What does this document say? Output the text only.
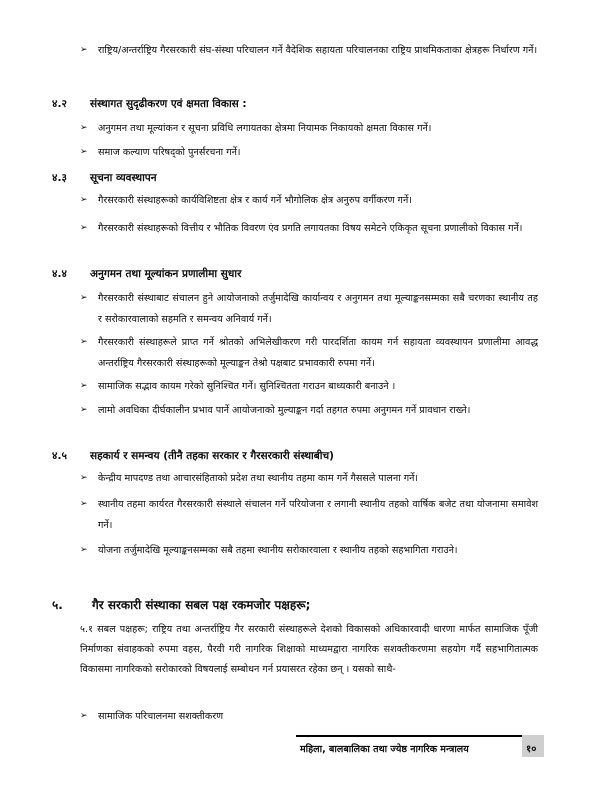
➢	राष्ट्रिय/अन्तर्राष्ट्रिय गैरसरकारी संघ-संस्था परिचालन गर्ने वैदेशिक सहायता परिचालनका राष्ट्रिय प्राथमिकताका क्षेत्रहरू निर्धारण गर्ने।
४.२ संस्थागत सुदृढीकरण एवं क्षमता विकास :
➢	अनुगमन तथा मूल्यांकन र सूचना प्रविधि लगायतका क्षेत्रमा नियामक निकायको क्षमता विकास गर्ने।
➢	समाज कल्याण परिषद्को पुनर्संरचना गर्ने।
४.३ सूचना व्यवस्थापन
➢	गैरसरकारी संस्थाहरूको कार्यविशिष्टता क्षेत्र र कार्य गर्ने भौगोलिक क्षेत्र अनुरुप वर्गीकरण गर्ने।
➢	गैरसरकारी संस्थाहरूको वित्तीय र भौतिक विवरण एंव प्रगति लगायतका विषय समेटने एकिकृत सूचना प्रणालीको विकास गर्ने।
४.४ अनुगमन तथा मूल्यांकन प्रणालीमा सुधार
➢	गैरसरकारी संस्थाबाट संचालन हुने आयोजनाको तर्जुमादेखि कार्यान्वय र अनुगमन तथा मूल्याङ्कनसम्मका सबै चरणका स्थानीय तह र सरोकारवालाको सहमति र समन्वय अनिवार्य गर्ने।
➢	गैरसरकारी संस्थाहरूले प्राप्त गर्ने श्रोतको अभिलेखीकरण गरी पारदर्शिता कायम गर्न सहायता व्यवस्थापन प्रणालीमा आवद्ध अन्तर्राष्ट्रिय गैरसरकारी संस्थाहरूको मूल्याङ्कन तेश्रो पक्षबाट प्रभावकारी रुपमा गर्ने।
➢	सामाजिक सद्भाव कायम गरेको सुनिश्चित गर्ने। सुनिश्चितता गराउन बाध्यकारी बनाउने ।
➢	लामो अवधिका दीर्घकालीन प्रभाव पार्ने आयोजनाको मुल्याङ्कन गर्दा तहगत रुपमा अनुगमन गर्ने प्रावधान राख्ने।
४.५ सहकार्य र समन्वय (तीनै तहका सरकार र गैरसरकारी संस्थाबीच)
➢	केन्द्रीय मापदण्ड तथा आचारसंहिताको प्रदेश तथा स्थानीय तहमा काम गर्ने गैससले पालना गर्ने।
➢	स्थानीय तहमा कार्यरत गैरसरकारी संस्थाले संचालन गर्ने परियोजना र लगानी स्थानीय तहको वार्षिक बजेट तथा योजनामा समावेश गर्ने।
➢	योजना तर्जुमादेखि मूल्याङ्कनसम्मका सबै तहमा स्थानीय सरोकारवाला र स्थानीय तहको सहभागिता गराउने।
५. गैर सरकारी संस्थाका सबल पक्ष रकमजोर पक्षहरू;
५.१ सबल पक्षहरू; राष्ट्रिय तथा अन्तर्राष्ट्रिय गैर सरकारी संस्थाहरूले देशको विकासको अधिकारवादी धारणा मार्फत सामाजिक पूँजी निर्माणका संवाहकको रुपमा वहस, पैरवी गरी नागरिक शिक्षाको माध्यमद्वारा नागरिक सशक्तीकरणमा सहयोग गर्दै सहभागितात्मक विकासमा नागरिकको सरोकारको विषयलाई सम्बोधन गर्न प्रयासरत रहेका छन् । यसको साथै-
➢	सामाजिक परिचालनमा सशक्तीकरण
महिला, बालबालिका तथा ज्येष्ठ नागरिक मन्त्रालय	१०
